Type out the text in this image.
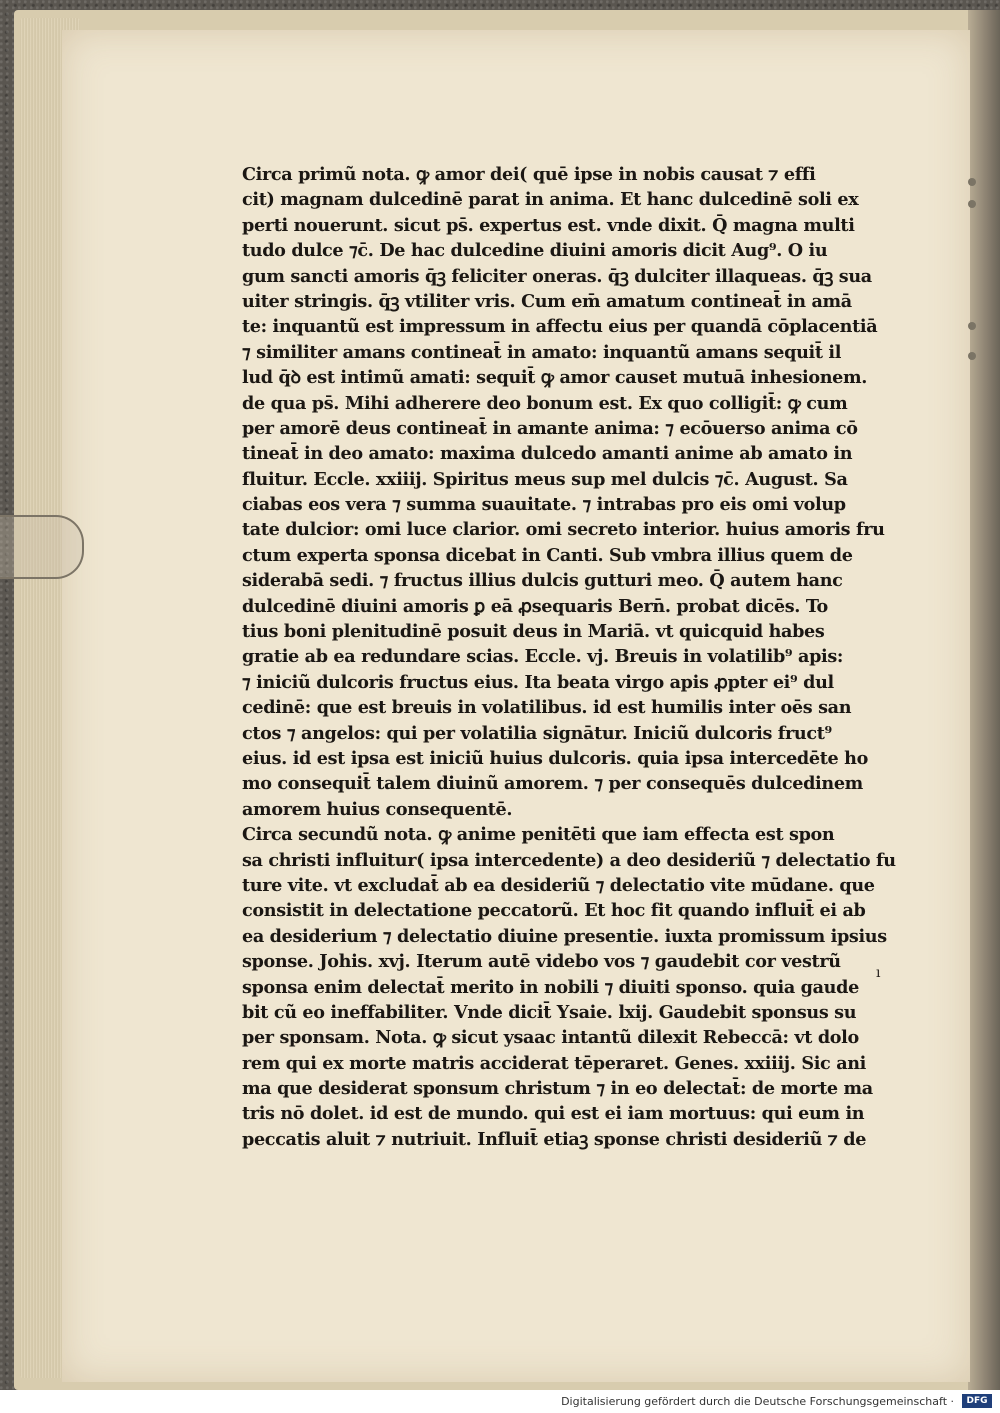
Circa primũ nota. ꝙ amor dei( quē ipse in nobis causat ⁊ effi
cit) magnam dulcedinē parat in anima. Et hanc dulcedinē soli ex
perti nouerunt. sicut ps̄. expertus est. vnde dixit. Q̄ magna multi
tudo dulce ⁊c̄. De hac dulcedine diuini amoris dicit Aug⁹. O iu
gum sancti amoris q̄ꝫ feliciter oneras. q̄ꝫ dulciter illaqueas. q̄ꝫ sua
uiter stringis. q̄ꝫ vtiliter vris. Cum em̄ amatum contineat̄ in amā
te: inquantũ est impressum in affectu eius per quandā cōplacentiā
⁊ similiter amans contineat̄ in amato: inquantũ amans sequit̄ il
lud q̄ꝺ est intimũ amati: sequit̄ ꝙ amor causet mutuā inhesionem.
de qua ps̄. Mihi adherere deo bonum est. Ex quo colligit̄: ꝙ cum
per amorē deus contineat̄ in amante anima: ⁊ ecōuerso anima cō
tineat̄ in deo amato: maxima dulcedo amanti anime ab amato in
fluitur. Eccle. xxiiij. Spiritus meus sup mel dulcis ⁊c̄. August. Sa
ciabas eos vera ⁊ summa suauitate. ⁊ intrabas pro eis omi volup
tate dulcior: omi luce clarior. omi secreto interior. huius amoris fru
ctum experta sponsa dicebat in Canti. Sub vmbra illius quem de
siderabā sedi. ⁊ fructus illius dulcis gutturi meo. Q̄ autem hanc
dulcedinē diuini amoris ꝑ eā ꝓsequaris Bern̄. probat dicēs. To
tius boni plenitudinē posuit deus in Mariā. vt quicquid habes
gratie ab ea redundare scias. Eccle. vj. Breuis in volatilib⁹ apis:
⁊ iniciũ dulcoris fructus eius. Ita beata virgo apis ꝓpter ei⁹ dul
cedinē: que est breuis in volatilibus. id est humilis inter oēs san
ctos ⁊ angelos: qui per volatilia signātur. Iniciũ dulcoris fruct⁹
eius. id est ipsa est iniciũ huius dulcoris. quia ipsa intercedēte ho
mo consequit̄ talem diuinũ amorem. ⁊ per consequēs dulcedinem
amorem huius consequentē.
Circa secundũ nota. ꝙ anime penitēti que iam effecta est spon
sa christi influitur( ipsa intercedente) a deo desideriũ ⁊ delectatio fu
ture vite. vt excludat̄ ab ea desideriũ ⁊ delectatio vite mūdane. que
consistit in delectatione peccatorũ. Et hoc fit quando influit̄ ei ab
ea desiderium ⁊ delectatio diuine presentie. iuxta promissum ipsius
sponse. Johis. xvj. Iterum autē videbo vos ⁊ gaudebit cor vestrũ
sponsa enim delectat̄ merito in nobili ⁊ diuiti sponso. quia gaude
bit cũ eo ineffabiliter. Vnde dicit̄ Ysaie. lxij. Gaudebit sponsus su
per sponsam. Nota. ꝙ sicut ysaac intantũ dilexit Rebeccā: vt dolo
rem qui ex morte matris acciderat tēperaret. Genes. xxiiij. Sic ani
ma que desiderat sponsum christum ⁊ in eo delectat̄: de morte ma
tris nō dolet. id est de mundo. qui est ei iam mortuus: qui eum in
peccatis aluit ⁊ nutriuit. Influit̄ etiaꝫ sponse christi desideriũ ⁊ de
ı
Digitalisierung gefördert durch die Deutsche Forschungsgemeinschaft ·	DFG
